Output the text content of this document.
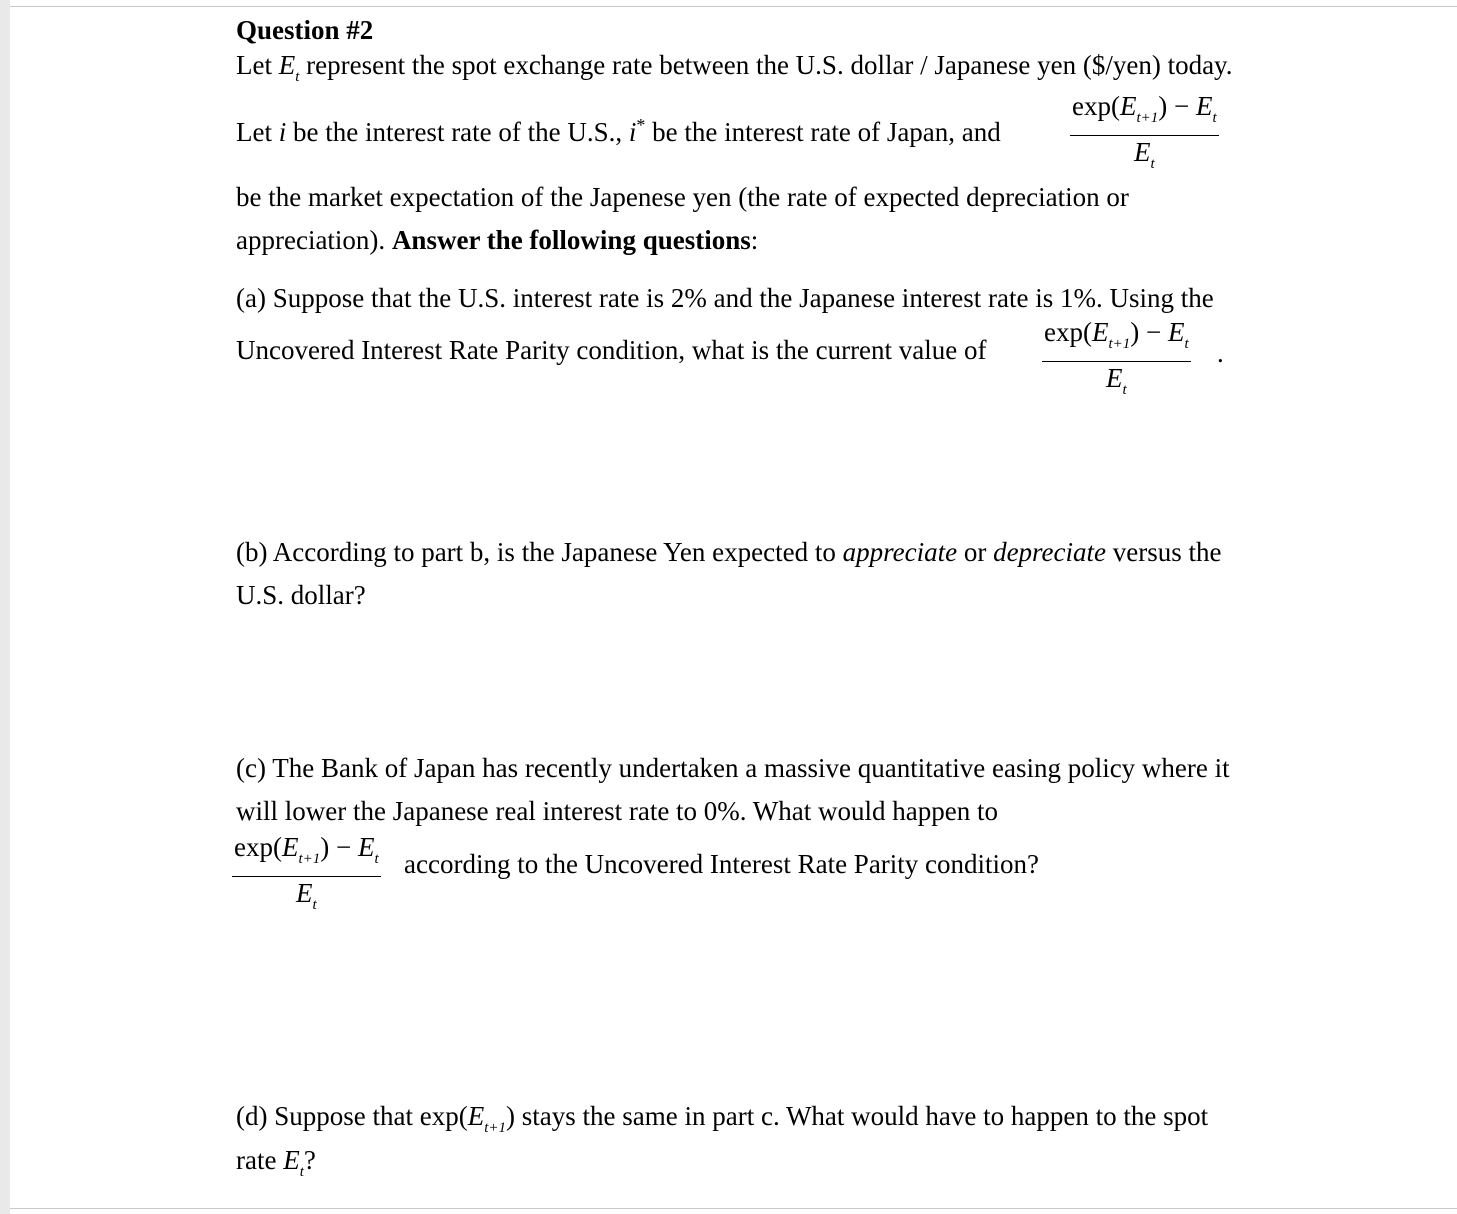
Question #2
Let $E_t$ represent the spot exchange rate between the U.S. dollar / Japanese yen ($/yen) today.
Let i be the interest rate of the U.S., i* be the interest rate of Japan, and	$\frac{\exp(E_{t+1}) - E_t}{E_t}$
be the market expectation of the Japenese yen (the rate of expected depreciation or
appreciation). Answer the following questions:
(a) Suppose that the U.S. interest rate is 2% and the Japanese interest rate is 1%. Using the
Uncovered Interest Rate Parity condition, what is the current value of $\frac{\exp(E_{t+1}) - E_t}{E_t}$ .
(b) According to part b, is the Japanese Yen expected to appreciate or depreciate versus the
U.S. dollar?
(c) The Bank of Japan has recently undertaken a massive quantitative easing policy where it
will lower the Japanese real interest rate to 0%. What would happen to
$\frac{\exp(E_{t+1}) - E_t}{E_t}$ according to the Uncovered Interest Rate Parity condition?
(d) Suppose that $\exp(E_{t+1})$ stays the same in part c. What would have to happen to the spot
rate $E_t$?
